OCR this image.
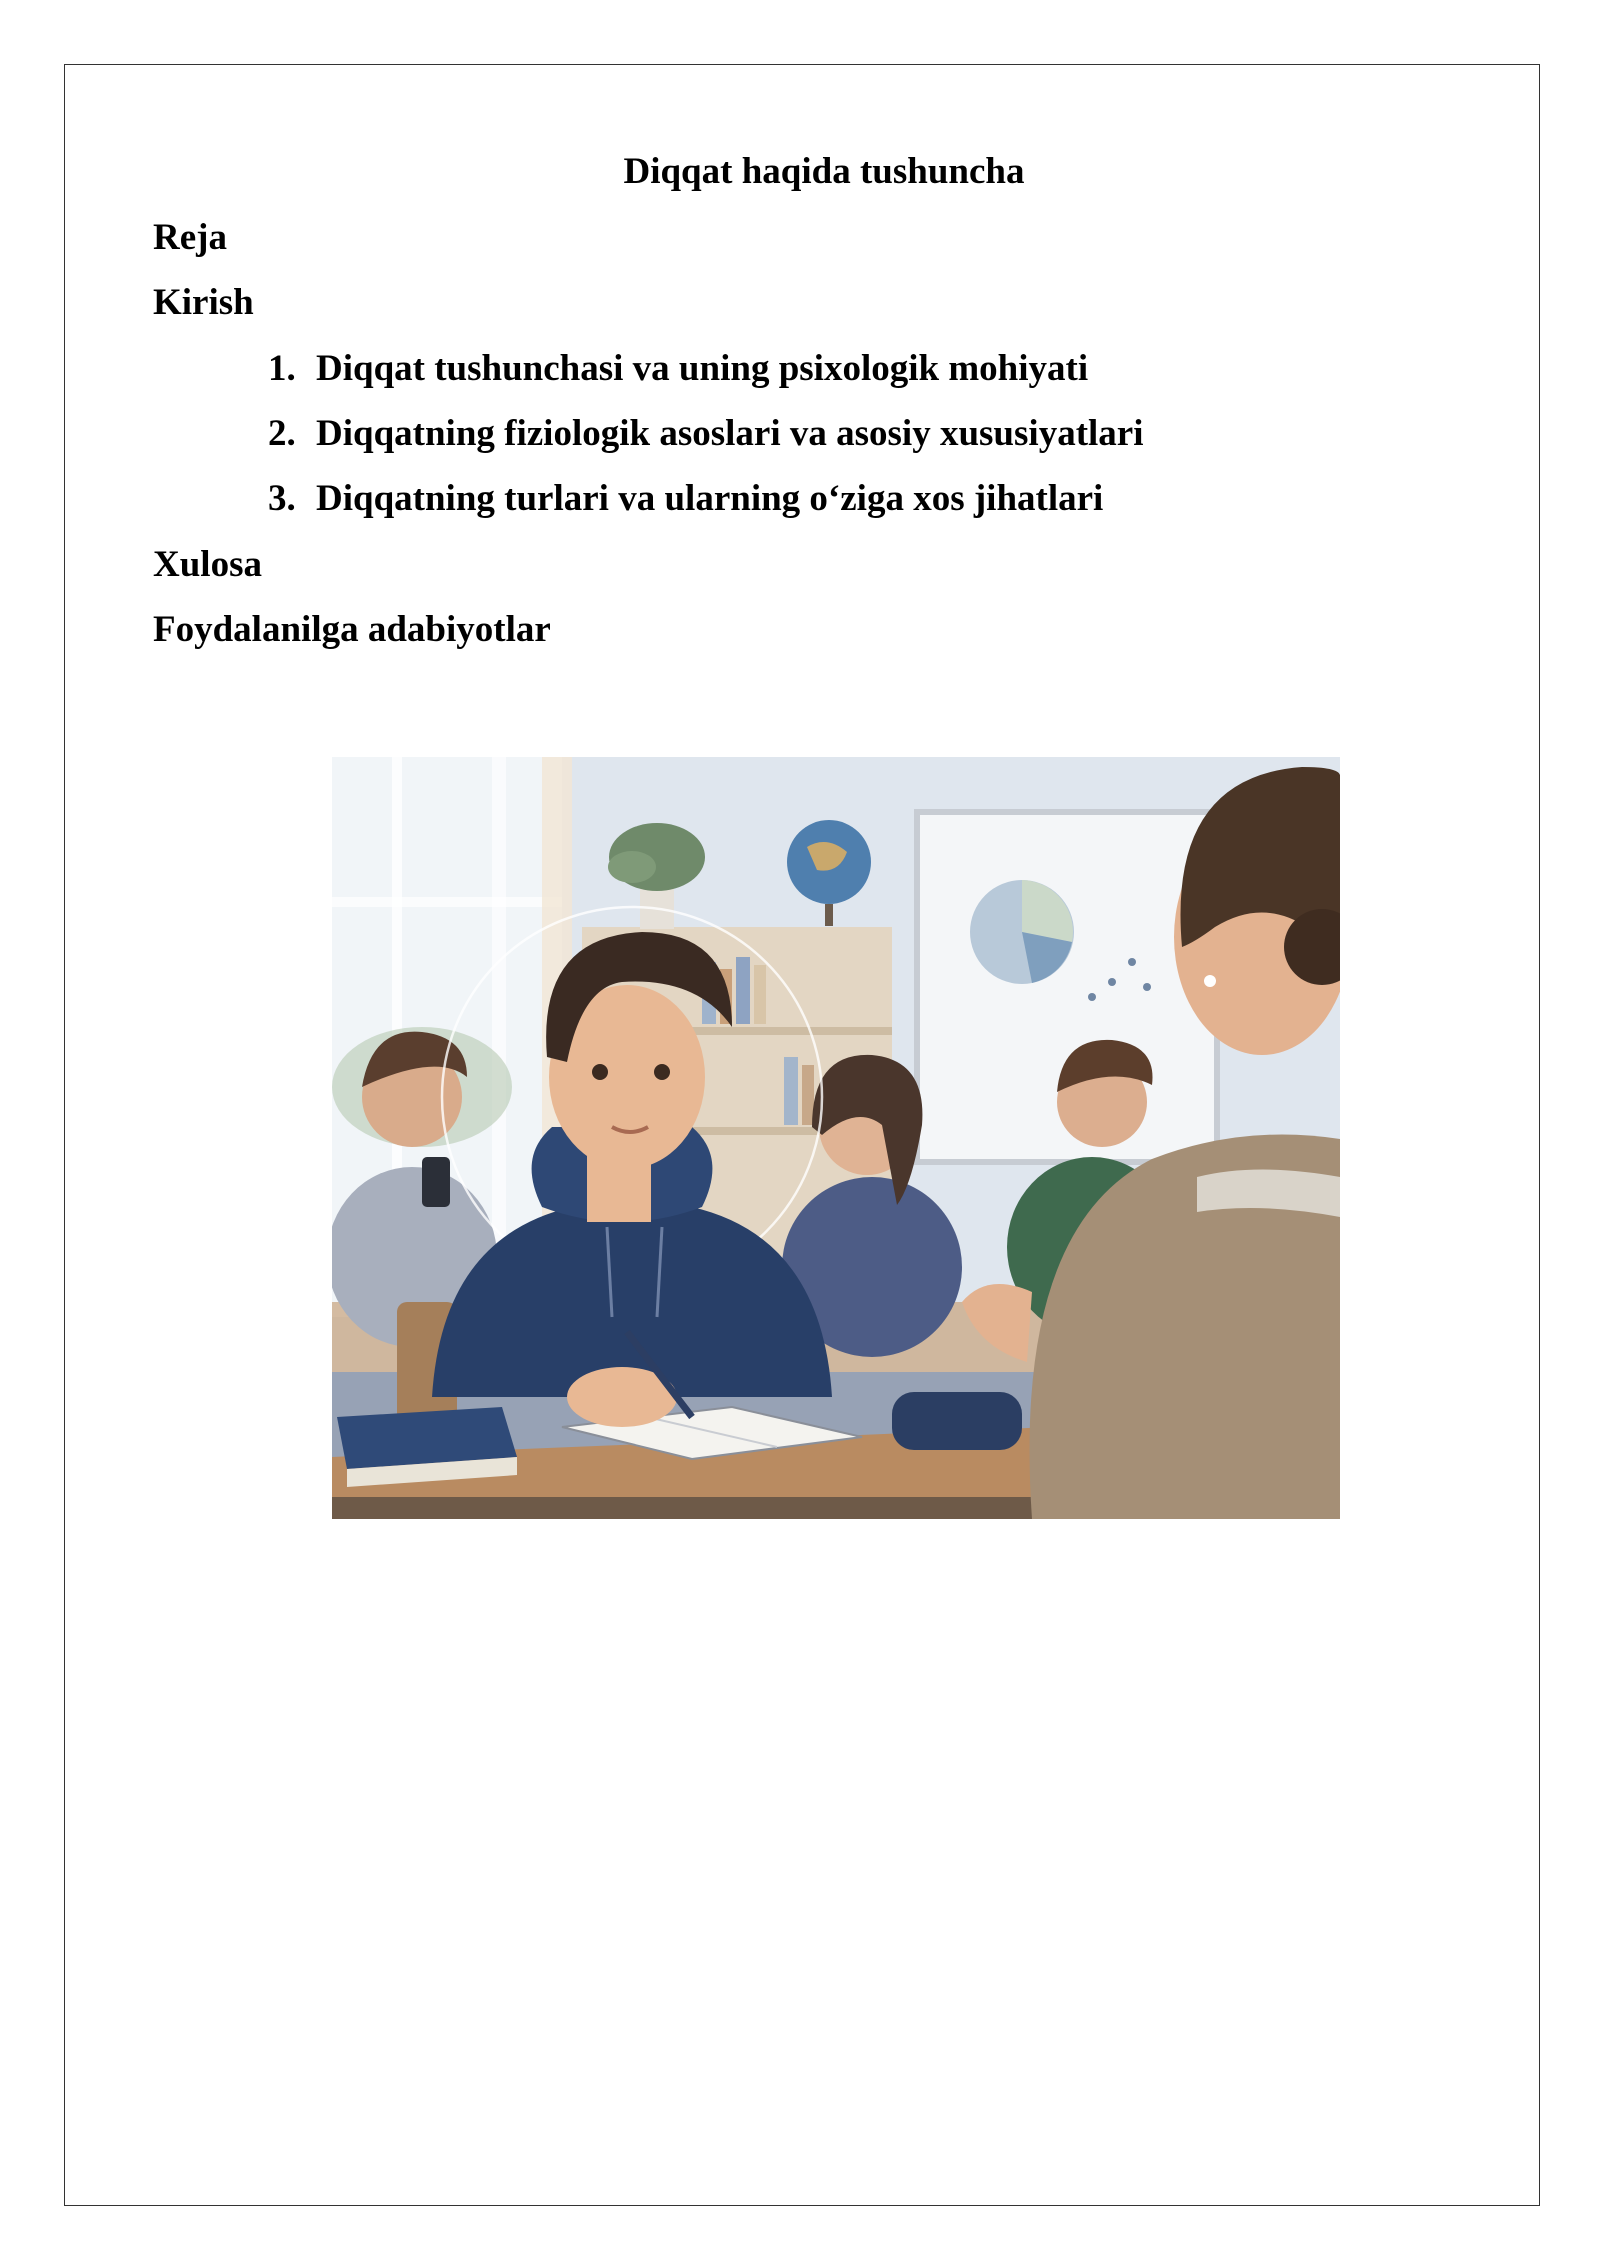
Diqqat haqida tushuncha
Reja
Kirish
1. Diqqat tushunchasi va uning psixologik mohiyati
2. Diqqatning fiziologik asoslari va asosiy xususiyatlari
3. Diqqatning turlari va ularning o‘ziga xos jihatlari
Xulosa
Foydalanilga adabiyotlar
